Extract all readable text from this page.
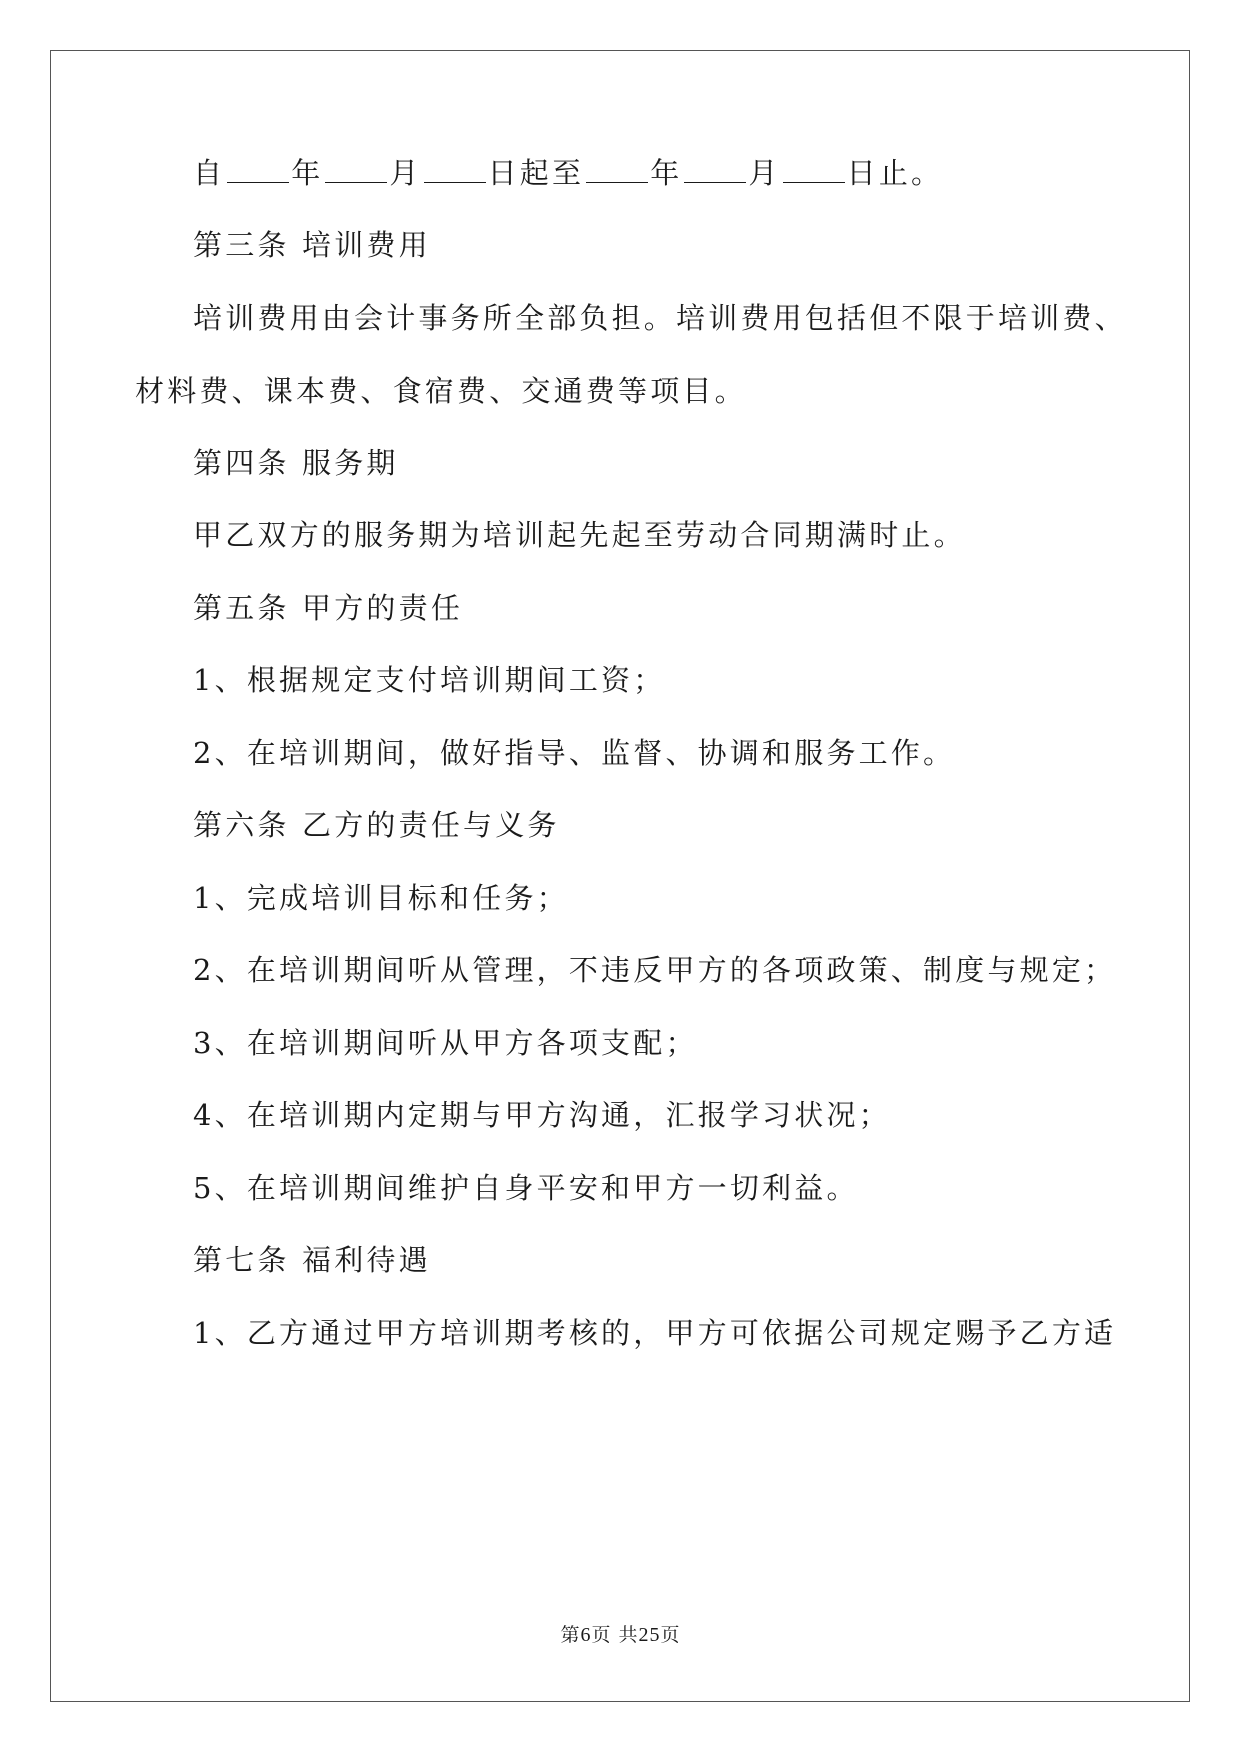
自 年 月 日起至 年 月 日止。
第三条 培训费用
培训费用由会计事务所全部负担。培训费用包括但不限于培训费、
材料费、课本费、食宿费、交通费等项目。
第四条 服务期
甲乙双方的服务期为培训起先起至劳动合同期满时止。
第五条 甲方的责任
1、根据规定支付培训期间工资；
2、在培训期间，做好指导、监督、协调和服务工作。
第六条 乙方的责任与义务
1、完成培训目标和任务；
2、在培训期间听从管理，不违反甲方的各项政策、制度与规定；
3、在培训期间听从甲方各项支配；
4、在培训期内定期与甲方沟通，汇报学习状况；
5、在培训期间维护自身平安和甲方一切利益。
第七条 福利待遇
1、乙方通过甲方培训期考核的，甲方可依据公司规定赐予乙方适
第6页 共25页
